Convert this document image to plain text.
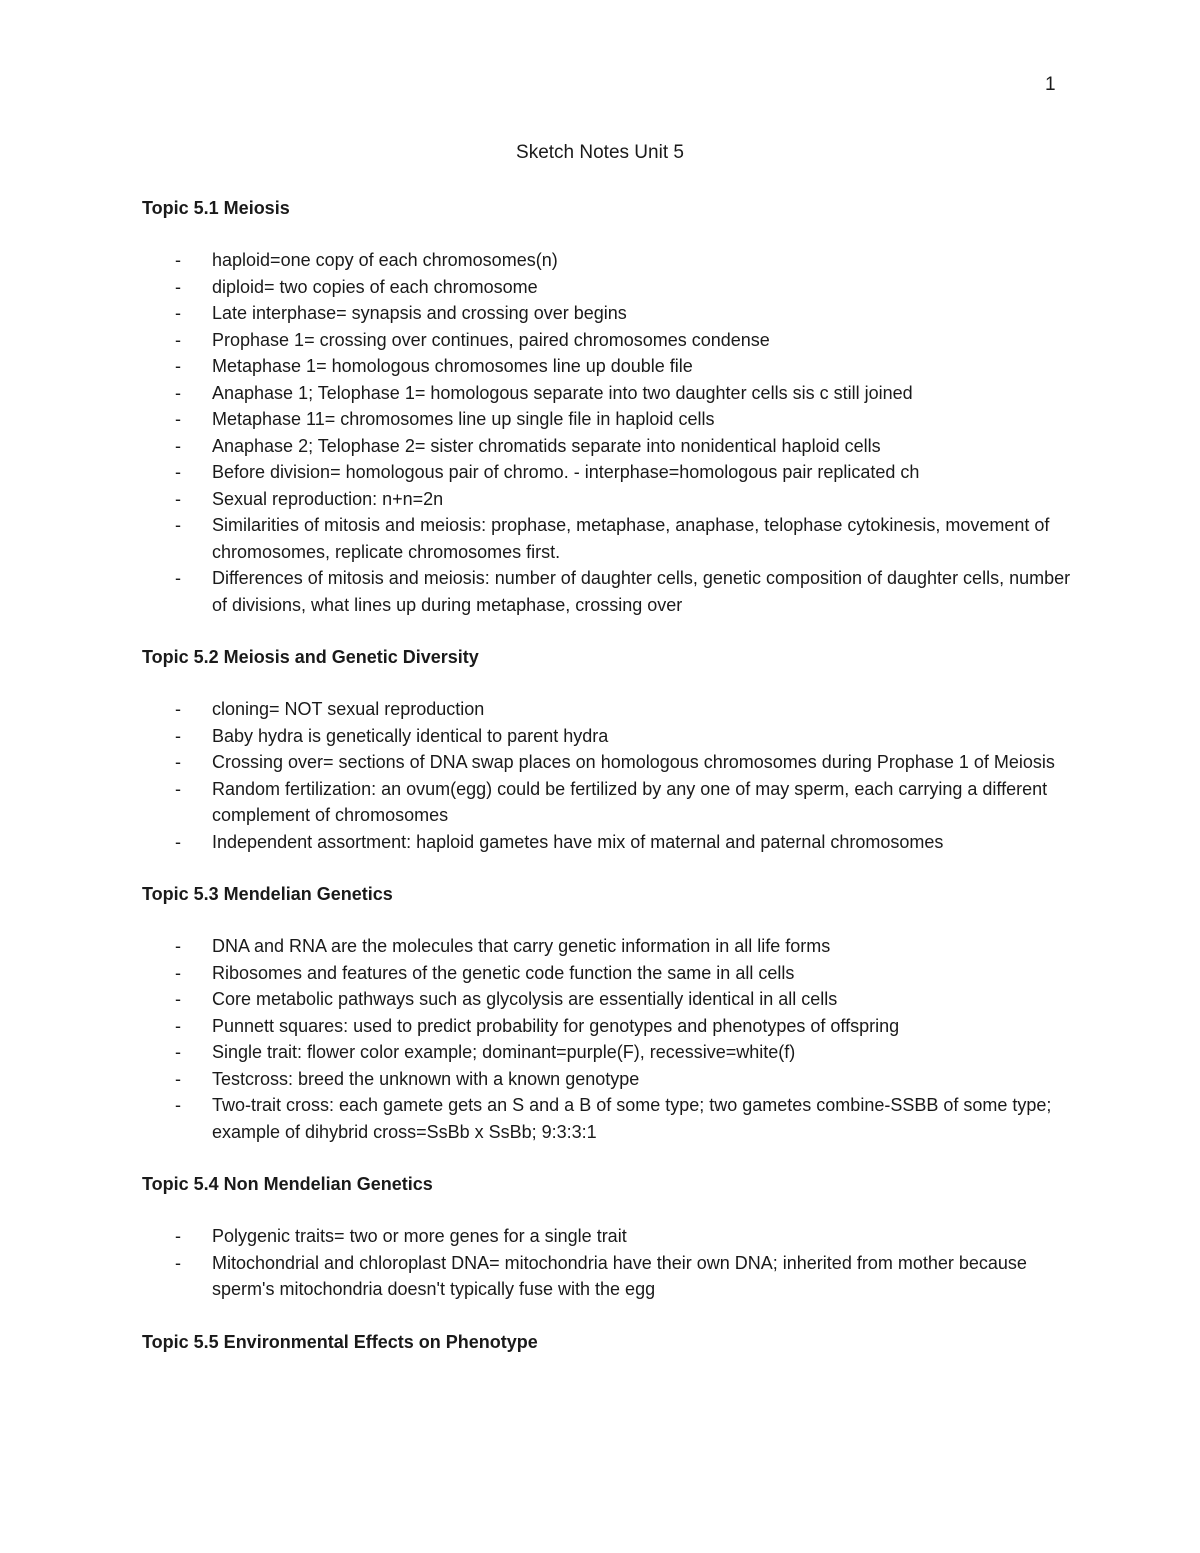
1
Sketch Notes Unit 5
Topic 5.1 Meiosis
- haploid=one copy of each chromosomes(n)
- diploid= two copies of each chromosome
- Late interphase= synapsis and crossing over begins
- Prophase 1= crossing over continues, paired chromosomes condense
- Metaphase 1= homologous chromosomes line up double file
- Anaphase 1; Telophase 1= homologous separate into two daughter cells sis c still joined
- Metaphase 11= chromosomes line up single file in haploid cells
- Anaphase 2; Telophase 2= sister chromatids separate into nonidentical haploid cells
- Before division= homologous pair of chromo. - interphase=homologous pair replicated ch
- Sexual reproduction: n+n=2n
- Similarities of mitosis and meiosis: prophase, metaphase, anaphase, telophase cytokinesis, movement of chromosomes, replicate chromosomes first.
- Differences of mitosis and meiosis: number of daughter cells, genetic composition of daughter cells, number of divisions, what lines up during metaphase, crossing over
Topic 5.2 Meiosis and Genetic Diversity
- cloning= NOT sexual reproduction
- Baby hydra is genetically identical to parent hydra
- Crossing over= sections of DNA swap places on homologous chromosomes during Prophase 1 of Meiosis
- Random fertilization: an ovum(egg) could be fertilized by any one of may sperm, each carrying a different complement of chromosomes
- Independent assortment: haploid gametes have mix of maternal and paternal chromosomes
Topic 5.3 Mendelian Genetics
- DNA and RNA are the molecules that carry genetic information in all life forms
- Ribosomes and features of the genetic code function the same in all cells
- Core metabolic pathways such as glycolysis are essentially identical in all cells
- Punnett squares: used to predict probability for genotypes and phenotypes of offspring
- Single trait: flower color example; dominant=purple(F), recessive=white(f)
- Testcross: breed the unknown with a known genotype
- Two-trait cross: each gamete gets an S and a B of some type; two gametes combine-SSBB of some type; example of dihybrid cross=SsBb x SsBb; 9:3:3:1
Topic 5.4 Non Mendelian Genetics
- Polygenic traits= two or more genes for a single trait
- Mitochondrial and chloroplast DNA= mitochondria have their own DNA; inherited from mother because sperm's mitochondria doesn't typically fuse with the egg
Topic 5.5 Environmental Effects on Phenotype
